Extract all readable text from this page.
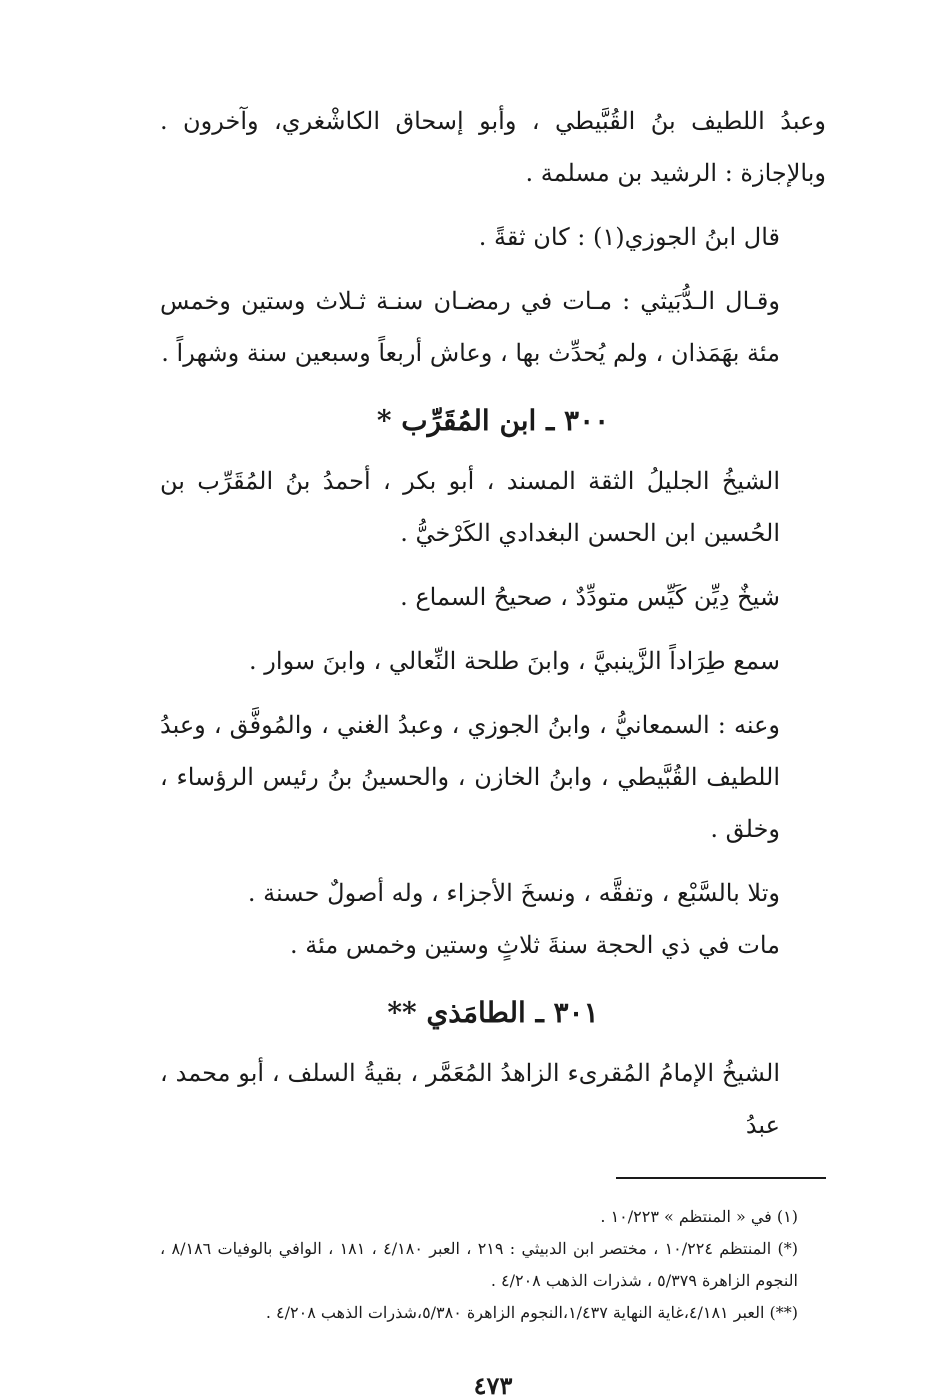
وعبدُ اللطيف بنُ القُبَّيطي ، وأبو إسحاق الكاشْغري، وآخرون . وبالإجازة : الرشيد بن مسلمة .

قال ابنُ الجوزي(١) : كان ثقةً .

وقـال الـدُّبَيثي : مـات في رمضـان سنـة ثـلاث وستين وخمس مئة بهَمَذان ، ولم يُحدِّث بها ، وعاش أربعاً وسبعين سنة وشهراً .

٣٠٠ ـ ابن المُقَرِّب *

الشيخُ الجليلُ الثقة المسند ، أبو بكر ، أحمدُ بنُ المُقَرِّب بن الحُسين ابن الحسن البغدادي الكَرْخيُّ .

شيخٌ دِيِّن كَيِّس متودِّدٌ ، صحيحُ السماع .

سمع طِرَاداً الزَّينبيَّ ، وابنَ طلحة النِّعالي ، وابنَ سوار .

وعنه : السمعانيُّ ، وابنُ الجوزي ، وعبدُ الغني ، والمُوفَّق ، وعبدُ اللطيف القُبَّيطي ، وابنُ الخازن ، والحسينُ بنُ رئيس الرؤساء ، وخلق .

وتلا بالسَّبْع ، وتفقَّه ، ونسخَ الأجزاء ، وله أصولٌ حسنة .

مات في ذي الحجة سنةَ ثلاثٍ وستين وخمس مئة .

٣٠١ ـ الطامَذي **

الشيخُ الإمامُ المُقرىء الزاهدُ المُعَمَّر ، بقيةُ السلف ، أبو محمد ، عبدُ

(١) في « المنتظم » ١٠/٢٢٣ .

(*) المنتظم ١٠/٢٢٤ ، مختصر ابن الدبيثي : ٢١٩ ، العبر ٤/١٨٠ ، ١٨١ ، الوافي بالوفيات ٨/١٨٦ ، النجوم الزاهرة ٥/٣٧٩ ، شذرات الذهب ٤/٢٠٨ .

(**) العبر ٤/١٨١،غاية النهاية ١/٤٣٧،النجوم الزاهرة ٥/٣٨٠،شذرات الذهب ٤/٢٠٨ .

٤٧٣
